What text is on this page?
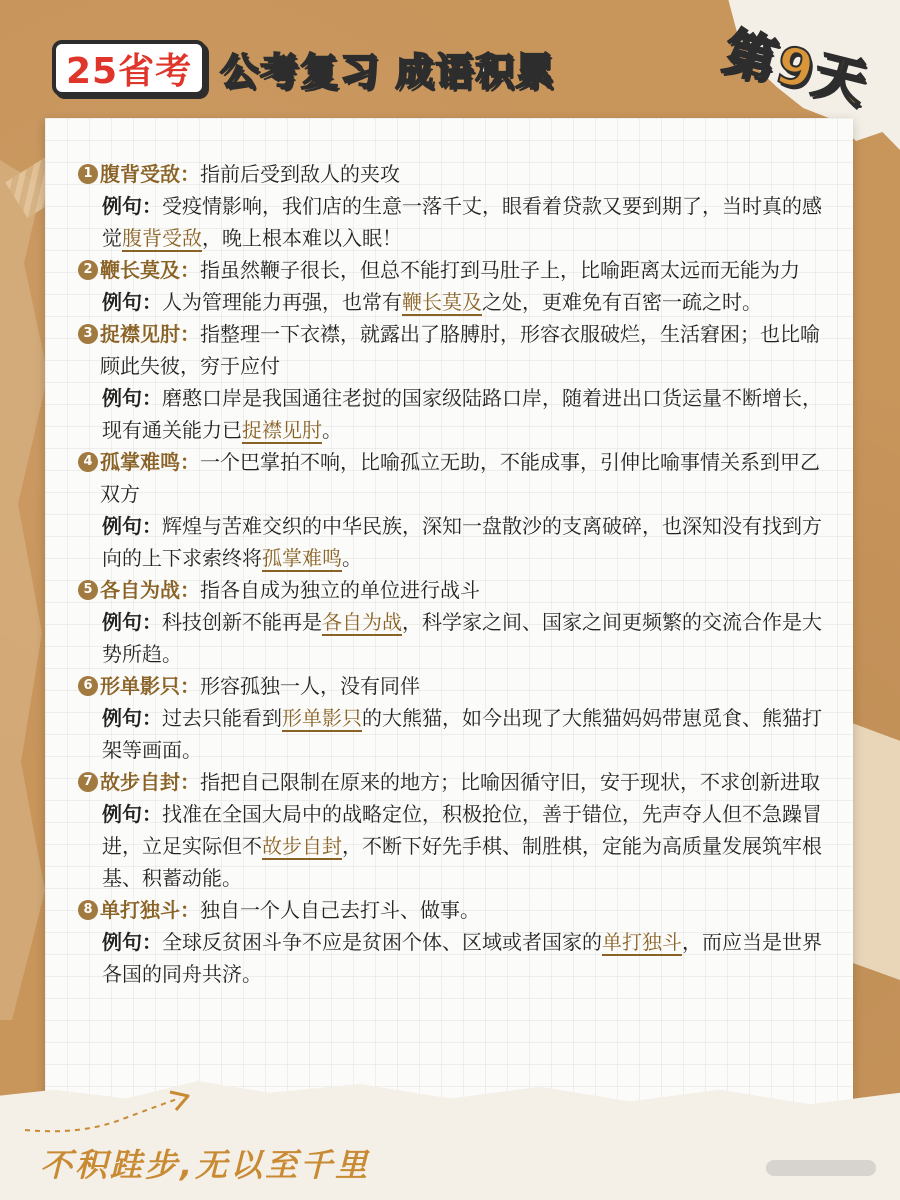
25省考 公考复习 成语积累	第9天
1 腹背受敌：指前后受到敌人的夹攻
例句：受疫情影响，我们店的生意一落千丈，眼看着贷款又要到期了，当时真的感觉腹背受敌，晚上根本难以入眠！
2 鞭长莫及：指虽然鞭子很长，但总不能打到马肚子上，比喻距离太远而无能为力
例句：人为管理能力再强，也常有鞭长莫及之处，更难免有百密一疏之时。
3 捉襟见肘：指整理一下衣襟，就露出了胳膊肘，形容衣服破烂，生活窘困；也比喻顾此失彼，穷于应付
例句：磨憨口岸是我国通往老挝的国家级陆路口岸，随着进出口货运量不断增长，现有通关能力已捉襟见肘。
4 孤掌难鸣：一个巴掌拍不响，比喻孤立无助，不能成事，引伸比喻事情关系到甲乙双方
例句：辉煌与苦难交织的中华民族，深知一盘散沙的支离破碎，也深知没有找到方向的上下求索终将孤掌难鸣。
5 各自为战：指各自成为独立的单位进行战斗
例句：科技创新不能再是各自为战，科学家之间、国家之间更频繁的交流合作是大势所趋。
6 形单影只：形容孤独一人，没有同伴
例句：过去只能看到形单影只的大熊猫，如今出现了大熊猫妈妈带崽觅食、熊猫打架等画面。
7 故步自封：指把自己限制在原来的地方；比喻因循守旧，安于现状，不求创新进取
例句：找准在全国大局中的战略定位，积极抢位，善于错位，先声夺人但不急躁冒进，立足实际但不故步自封，不断下好先手棋、制胜棋，定能为高质量发展筑牢根基、积蓄动能。
8 单打独斗：独自一个人自己去打斗、做事。
例句：全球反贫困斗争不应是贫困个体、区域或者国家的单打独斗，而应当是世界各国的同舟共济。
不积跬步,无以至千里
